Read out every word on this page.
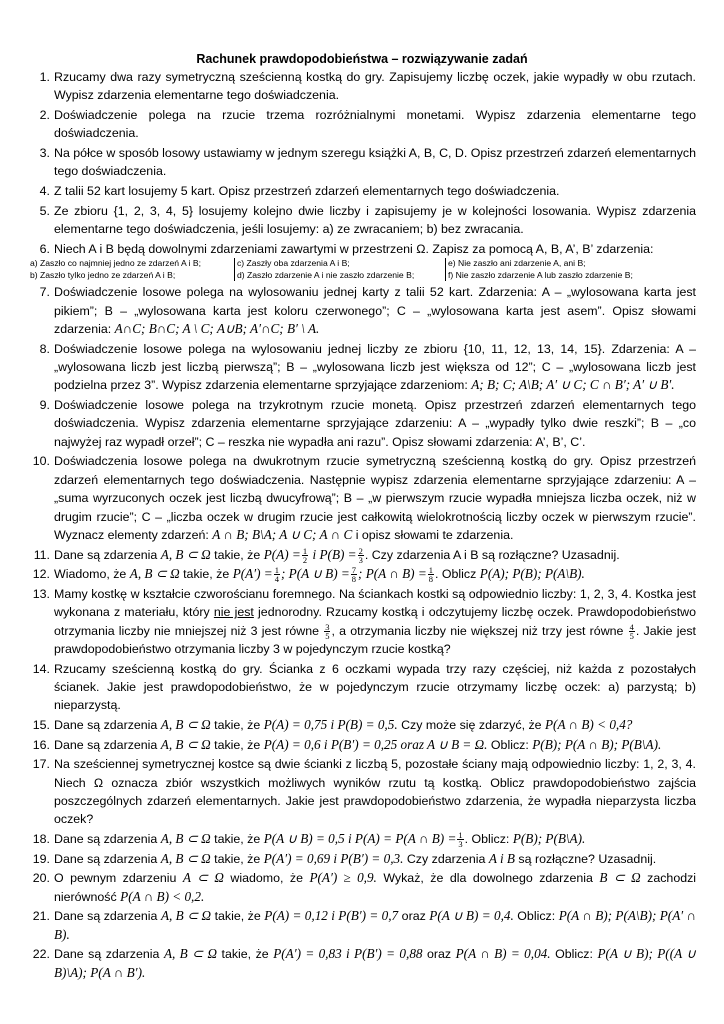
Rachunek prawdopodobieństwa – rozwiązywanie zadań
1. Rzucamy dwa razy symetryczną sześcienną kostką do gry. Zapisujemy liczbę oczek, jakie wypadły w obu rzutach. Wypisz zdarzenia elementarne tego doświadczenia.
2. Doświadczenie polega na rzucie trzema rozróżnialnymi monetami. Wypisz zdarzenia elementarne tego doświadczenia.
3. Na półce w sposób losowy ustawiamy w jednym szeregu książki A, B, C, D. Opisz przestrzeń zdarzeń elementarnych tego doświadczenia.
4. Z talii 52 kart losujemy 5 kart. Opisz przestrzeń zdarzeń elementarnych tego doświadczenia.
5. Ze zbioru {1, 2, 3, 4, 5} losujemy kolejno dwie liczby i zapisujemy je w kolejności losowania. Wypisz zdarzenia elementarne tego doświadczenia, jeśli losujemy: a) ze zwracaniem; b) bez zwracania.
6. Niech A i B będą dowolnymi zdarzeniami zawartymi w przestrzeni Ω. Zapisz za pomocą A, B, A’, B’ zdarzenia:
a) Zaszło co najmniej jedno ze zdarzeń A i B;	c) Zaszły oba zdarzenia A i B;	e) Nie zaszło ani zdarzenie A, ani B;
b) Zaszło tylko jedno ze zdarzeń A i B;	d) Zaszło zdarzenie A i nie zaszło zdarzenie B;	f) Nie zaszło zdarzenie A lub zaszło zdarzenie B;
7. Doświadczenie losowe polega na wylosowaniu jednej karty z talii 52 kart. Zdarzenia: A – „wylosowana karta jest pikiem”; B – „wylosowana karta jest koloru czerwonego”; C – „wylosowana karta jest asem”. Opisz słowami zdarzenia: A∩C; B∩C; A \ C; A∪B; A′∩C; B′ \ A.
8. Doświadczenie losowe polega na wylosowaniu jednej liczby ze zbioru {10, 11, 12, 13, 14, 15}. Zdarzenia: A – „wylosowana liczb jest liczbą pierwszą”; B – „wylosowana liczb jest większa od 12”; C – „wylosowana liczb jest podzielna przez 3”. Wypisz zdarzenia elementarne sprzyjające zdarzeniom: A; B; C; A\B; A′ ∪ C; C ∩ B′; A′ ∪ B′.
9. Doświadczenie losowe polega na trzykrotnym rzucie monetą. Opisz przestrzeń zdarzeń elementarnych tego doświadczenia. Wypisz zdarzenia elementarne sprzyjające zdarzeniu: A – „wypadły tylko dwie reszki”; B – „co najwyżej raz wypadł orzeł”; C – reszka nie wypadła ani razu”. Opisz słowami zdarzenia: A’, B’, C’.
10. Doświadczenia losowe polega na dwukrotnym rzucie symetryczną sześcienną kostką do gry. Opisz przestrzeń zdarzeń elementarnych tego doświadczenia. Następnie wypisz zdarzenia elementarne sprzyjające zdarzeniu: A – „suma wyrzuconych oczek jest liczbą dwucyfrową”; B – „w pierwszym rzucie wypadła mniejsza liczba oczek, niż w drugim rzucie”; C – „liczba oczek w drugim rzucie jest całkowitą wielokrotnością liczby oczek w pierwszym rzucie”. Wyznacz elementy zdarzeń: A ∩ B; B\A; A ∪ C; A ∩ C i opisz słowami te zdarzenia.
11. Dane są zdarzenia A, B ⊂ Ω takie, że $P(A) = \frac{1}{2}$ i $P(B) = \frac{2}{3}$ . Czy zdarzenia A i B są rozłączne? Uzasadnij.
12. Wiadomo, że A, B ⊂ Ω takie, że $P(A') = \frac{1}{4}$ ; P(A ∪ $B) = \frac{7}{8}$ ; P(A ∩ $B) = \frac{1}{8}$ . Oblicz P(A); P(B); P(A\B).
13. Mamy kostkę w kształcie czworościanu foremnego. Na ściankach kostki są odpowiednio liczby: 1, 2, 3, 4. Kostka jest wykonana z materiału, który nie jest jednorodny. Rzucamy kostką i odczytujemy liczbę oczek. Prawdopodobieństwo otrzymania liczby nie mniejszej niż 3 jest równe $\frac{3}{5}$ , a otrzymania liczby nie większej niż trzy jest równe $\frac{4}{5}$ . Jakie jest prawdopodobieństwo otrzymania liczby 3 w pojedynczym rzucie kostką?
14. Rzucamy sześcienną kostką do gry. Ścianka z 6 oczkami wypada trzy razy częściej, niż każda z pozostałych ścianek. Jakie jest prawdopodobieństwo, że w pojedynczym rzucie otrzymamy liczbę oczek: a) parzystą; b) nieparzystą.
15. Dane są zdarzenia A, B ⊂ Ω takie, że P(A) = 0,75 i P(B) = 0,5. Czy może się zdarzyć, że P(A ∩ B) < 0,4?
16. Dane są zdarzenia A, B ⊂ Ω takie, że P(A) = 0,6 i P(B′) = 0,25 oraz A ∪ B = Ω. Oblicz: P(B); P(A ∩ B); P(B\A).
17. Na sześciennej symetrycznej kostce są dwie ścianki z liczbą 5, pozostałe ściany mają odpowiednio liczby: 1, 2, 3, 4. Niech Ω oznacza zbiór wszystkich możliwych wyników rzutu tą kostką. Oblicz prawdopodobieństwo zajścia poszczególnych zdarzeń elementarnych. Jakie jest prawdopodobieństwo zdarzenia, że wypadła nieparzysta liczba oczek?
18. Dane są zdarzenia A, B ⊂ Ω takie, że P(A ∪ B) = 0,5 i P(A) = P(A ∩ $B) = \frac{1}{3}$ . Oblicz: P(B); P(B\A).
19. Dane są zdarzenia A, B ⊂ Ω takie, że P(A′) = 0,69 i P(B′) = 0,3. Czy zdarzenia A i B są rozłączne? Uzasadnij.
20. O pewnym zdarzeniu A ⊂ Ω wiadomo, że P(A′) ≥ 0,9. Wykaż, że dla dowolnego zdarzenia B ⊂ Ω zachodzi nierówność P(A ∩ B) < 0,2.
21. Dane są zdarzenia A, B ⊂ Ω takie, że P(A) = 0,12 i P(B′) = 0,7 oraz P(A ∪ B) = 0,4. Oblicz: P(A ∩ B); P(A\B); P(A′ ∩ B).
22. Dane są zdarzenia A, B ⊂ Ω takie, że P(A′) = 0,83 i P(B′) = 0,88 oraz P(A ∩ B) = 0,04. Oblicz: P(A ∪ B); P((A ∪ B)\A); P(A ∩ B′).
